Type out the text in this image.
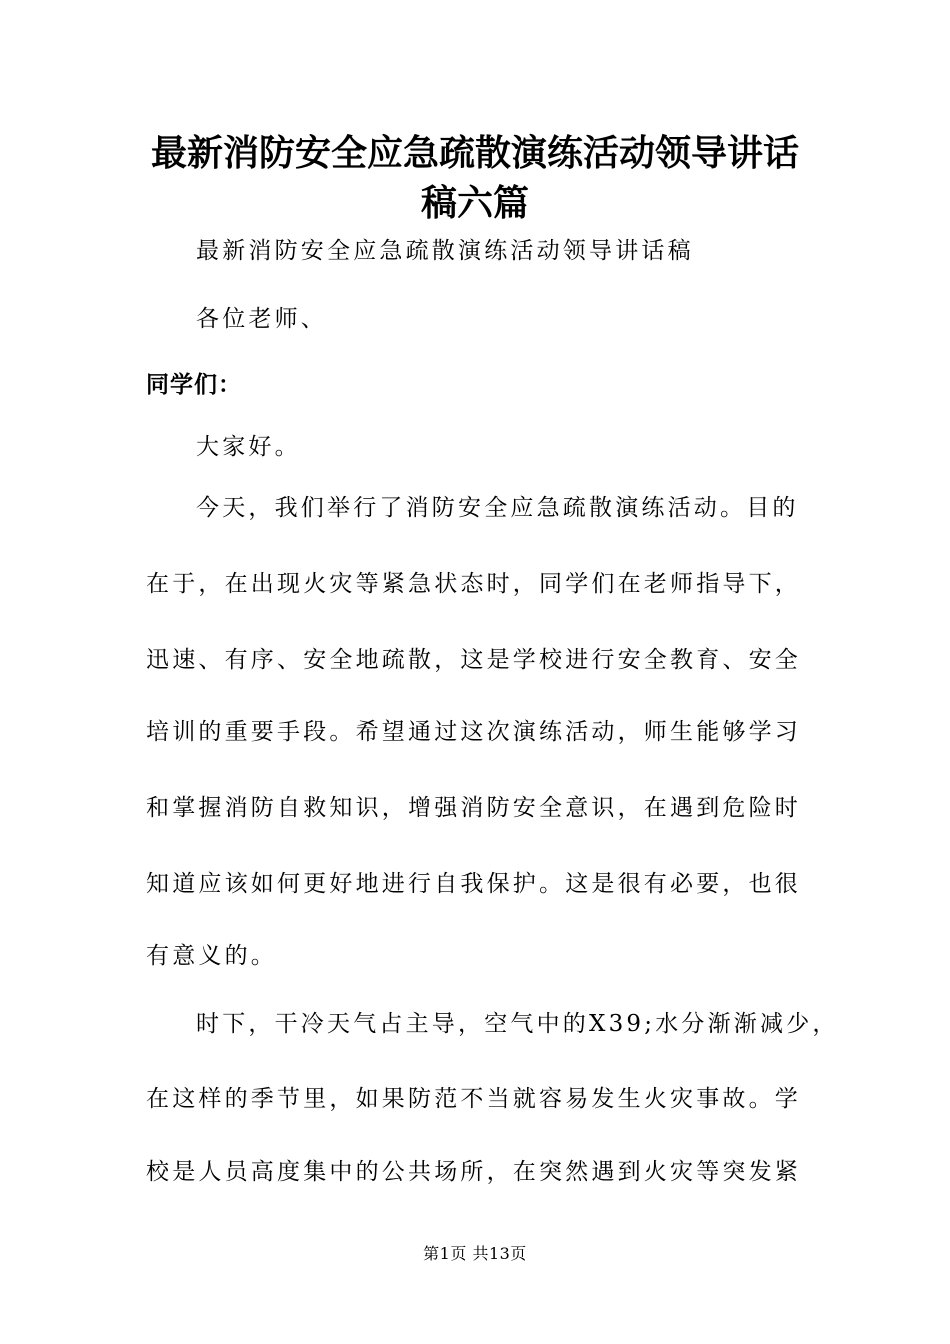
最新消防安全应急疏散演练活动领导讲话
稿六篇

最新消防安全应急疏散演练活动领导讲话稿

各位老师、

同学们：

大家好。

今天，我们举行了消防安全应急疏散演练活动。目的

在于，在出现火灾等紧急状态时，同学们在老师指导下，

迅速、有序、安全地疏散，这是学校进行安全教育、安全

培训的重要手段。希望通过这次演练活动，师生能够学习

和掌握消防自救知识，增强消防安全意识，在遇到危险时

知道应该如何更好地进行自我保护。这是很有必要，也很

有意义的。

时下，干冷天气占主导，空气中的X39;水分渐渐减少，

在这样的季节里，如果防范不当就容易发生火灾事故。学

校是人员高度集中的公共场所，在突然遇到火灾等突发紧

第1页 共13页
